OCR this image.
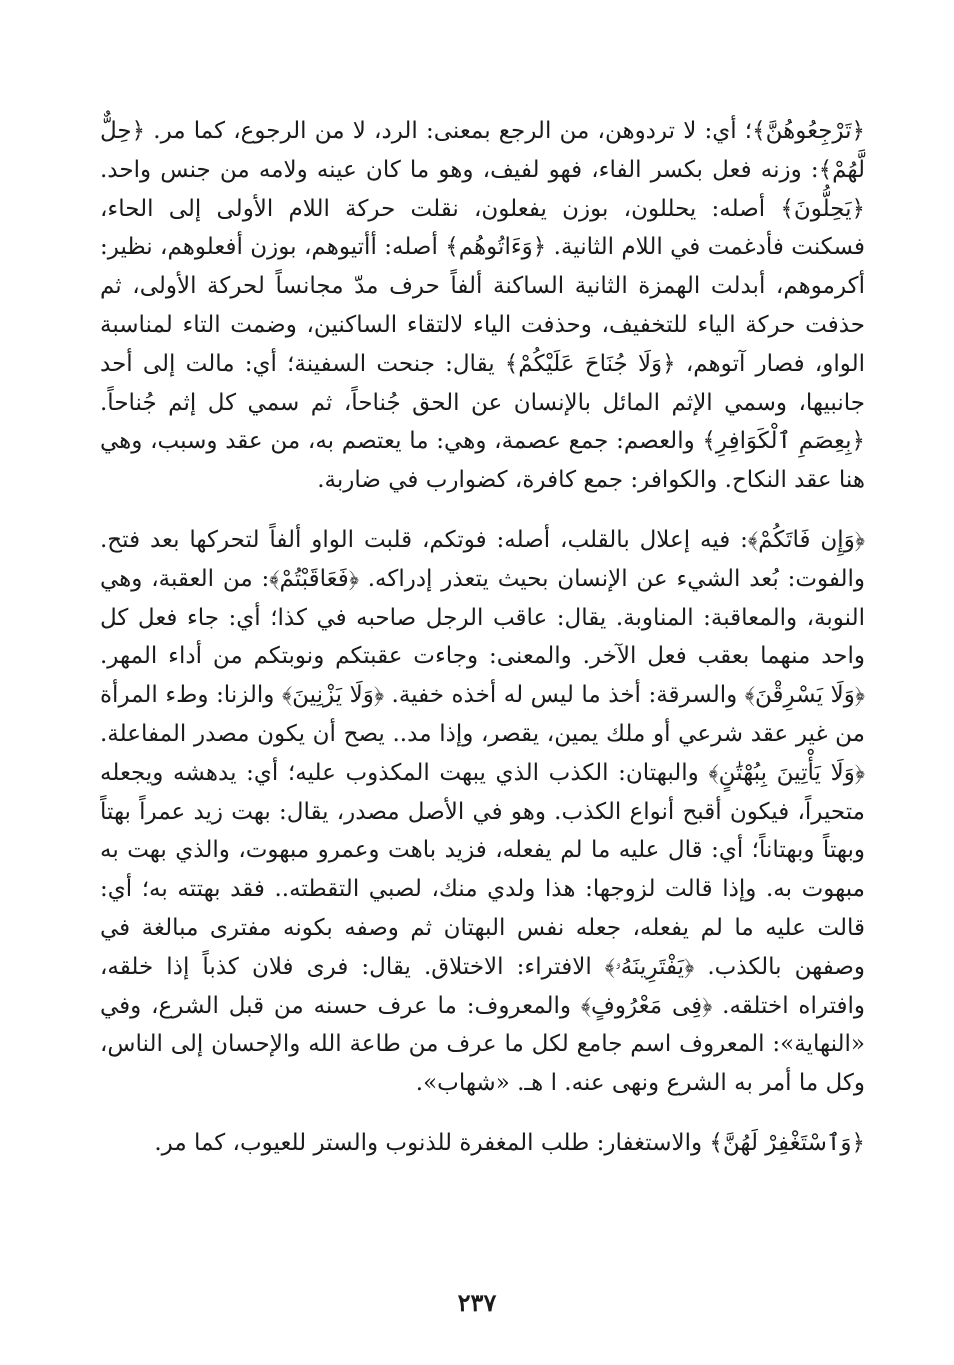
﴿تَرْجِعُوهُنَّ﴾؛ أي: لا تردوهن، من الرجع بمعنى: الرد، لا من الرجوع، كما مر. ﴿حِلٌّ لَّهُمْ﴾: وزنه فعل بكسر الفاء، فهو لفيف، وهو ما كان عينه ولامه من جنس واحد. ﴿يَحِلُّونَ﴾ أصله: يحللون، بوزن يفعلون، نقلت حركة اللام الأولى إلى الحاء، فسكنت فأدغمت في اللام الثانية. ﴿وَءَاتُوهُم﴾ أصله: أأتيوهم، بوزن أفعلوهم، نظير: أكرموهم، أبدلت الهمزة الثانية الساكنة ألفاً حرف مدّ مجانساً لحركة الأولى، ثم حذفت حركة الياء للتخفيف، وحذفت الياء لالتقاء الساكنين، وضمت التاء لمناسبة الواو، فصار آتوهم، ﴿وَلَا جُنَاحَ عَلَيْكُمْ﴾ يقال: جنحت السفينة؛ أي: مالت إلى أحد جانبيها، وسمي الإثم المائل بالإنسان عن الحق جُناحاً، ثم سمي كل إثم جُناحاً. ﴿بِعِصَمِ ٱلْكَوَافِرِ﴾ والعصم: جمع عصمة، وهي: ما يعتصم به، من عقد وسبب، وهي هنا عقد النكاح. والكوافر: جمع كافرة، كضوارب في ضاربة.

﴿وَإِن فَاتَكُمْ﴾: فيه إعلال بالقلب، أصله: فوتكم، قلبت الواو ألفاً لتحركها بعد فتح. والفوت: بُعد الشيء عن الإنسان بحيث يتعذر إدراكه. ﴿فَعَاقَبْتُمْ﴾: من العقبة، وهي النوبة، والمعاقبة: المناوبة. يقال: عاقب الرجل صاحبه في كذا؛ أي: جاء فعل كل واحد منهما بعقب فعل الآخر. والمعنى: وجاءت عقبتكم ونوبتكم من أداء المهر. ﴿وَلَا يَسْرِقْنَ﴾ والسرقة: أخذ ما ليس له أخذه خفية. ﴿وَلَا يَزْنِينَ﴾ والزنا: وطء المرأة من غير عقد شرعي أو ملك يمين، يقصر، وإذا مد.. يصح أن يكون مصدر المفاعلة. ﴿وَلَا يَأْتِينَ بِبُهْتَٰنٍ﴾ والبهتان: الكذب الذي يبهت المكذوب عليه؛ أي: يدهشه ويجعله متحيراً، فيكون أقبح أنواع الكذب. وهو في الأصل مصدر، يقال: بهت زيد عمراً بهتاً وبهتاً وبهتاناً؛ أي: قال عليه ما لم يفعله، فزيد باهت وعمرو مبهوت، والذي بهت به مبهوت به. وإذا قالت لزوجها: هذا ولدي منك، لصبي التقطته.. فقد بهتته به؛ أي: قالت عليه ما لم يفعله، جعله نفس البهتان ثم وصفه بكونه مفترى مبالغة في وصفهن بالكذب. ﴿يَفْتَرِينَهُۥ﴾ الافتراء: الاختلاق. يقال: فرى فلان كذباً إذا خلقه، وافتراه اختلقه. ﴿فِى مَعْرُوفٍ﴾ والمعروف: ما عرف حسنه من قبل الشرع، وفي «النهاية»: المعروف اسم جامع لكل ما عرف من طاعة الله والإحسان إلى الناس، وكل ما أمر به الشرع ونهى عنه. ا هـ. «شهاب».

﴿وَٱسْتَغْفِرْ لَهُنَّ﴾ والاستغفار: طلب المغفرة للذنوب والستر للعيوب، كما مر.

٢٣٧
